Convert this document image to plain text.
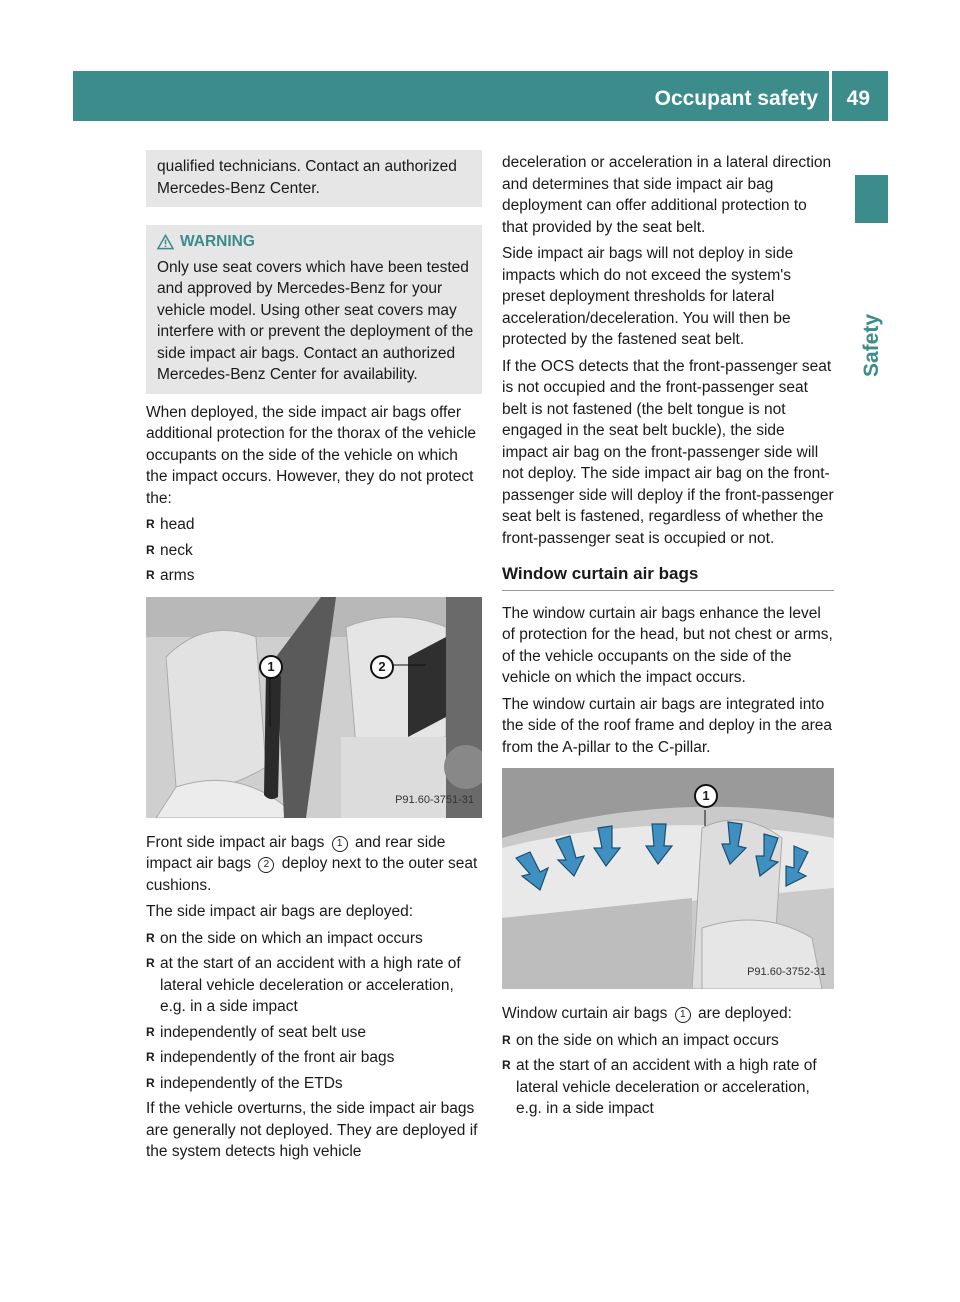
Occupant safety 49
Safety
qualified technicians. Contact an authorized Mercedes-Benz Center.
WARNING
Only use seat covers which have been tested and approved by Mercedes-Benz for your vehicle model. Using other seat covers may interfere with or prevent the deployment of the side impact air bags. Contact an authorized Mercedes-Benz Center for availability.

When deployed, the side impact air bags offer additional protection for the thorax of the vehicle occupants on the side of the vehicle on which the impact occurs. However, they do not protect the:

R head
R neck
R arms
1	2
P91.60-3751-31

Front side impact air bags 1 and rear side impact air bags 2 deploy next to the outer seat cushions.

The side impact air bags are deployed:

R on the side on which an impact occurs
R at the start of an accident with a high rate of lateral vehicle deceleration or acceleration, e.g. in a side impact
R independently of seat belt use
R independently of the front air bags
R independently of the ETDs

If the vehicle overturns, the side impact air bags are generally not deployed. They are deployed if the system detects high vehicle

deceleration or acceleration in a lateral direction and determines that side impact air bag deployment can offer additional protection to that provided by the seat belt.

Side impact air bags will not deploy in side impacts which do not exceed the system's preset deployment thresholds for lateral acceleration/deceleration. You will then be protected by the fastened seat belt.

If the OCS detects that the front-passenger seat is not occupied and the front-passenger seat belt is not fastened (the belt tongue is not engaged in the seat belt buckle), the side impact air bag on the front-passenger side will not deploy. The side impact air bag on the front-passenger side will deploy if the front-passenger seat belt is fastened, regardless of whether the front-passenger seat is occupied or not.

Window curtain air bags

The window curtain air bags enhance the level of protection for the head, but not chest or arms, of the vehicle occupants on the side of the vehicle on which the impact occurs.

The window curtain air bags are integrated into the side of the roof frame and deploy in the area from the A-pillar to the C-pillar.

1
P91.60-3752-31

Window curtain air bags 1 are deployed:

R on the side on which an impact occurs
R at the start of an accident with a high rate of lateral vehicle deceleration or acceleration, e.g. in a side impact
